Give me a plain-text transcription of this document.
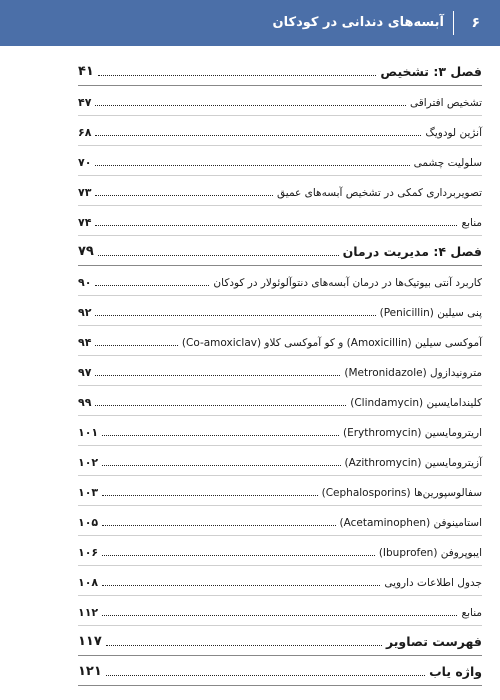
آبسه‌های دندانی در کودکان ۶
فصل ۳: تشخیص
۴۱
تشخیص افتراقی
۴۷
آنژین لودویگ
۶۸
سلولیت چشمی
۷۰
تصویربرداری کمکی در تشخیص آبسه‌های عمیق
۷۳
منابع
۷۴
فصل ۴: مدیریت درمان
۷۹
کاربرد آنتی بیوتیک‌ها در درمان آبسه‌های دنتوآلوئولار در کودکان
۹۰
پنی سیلین (Penicillin)
۹۲
آموکسی سیلین (Amoxicillin) و کو آموکسی کلاو (Co-amoxiclav)
۹۴
مترونیدازول (Metronidazole)
۹۷
کلیندامایسین (Clindamycin)
۹۹
اریترومایسین (Erythromycin)
۱۰۱
آزیترومایسین (Azithromycin)
۱۰۲
سفالوسپورین‌ها (Cephalosporins)
۱۰۳
استامینوفن (Acetaminophen)
۱۰۵
ایبوپروفن (Ibuprofen)
۱۰۶
جدول اطلاعات دارویی
۱۰۸
منابع
۱۱۲
فهرست تصاویر
۱۱۷
واژه یاب
۱۲۱
